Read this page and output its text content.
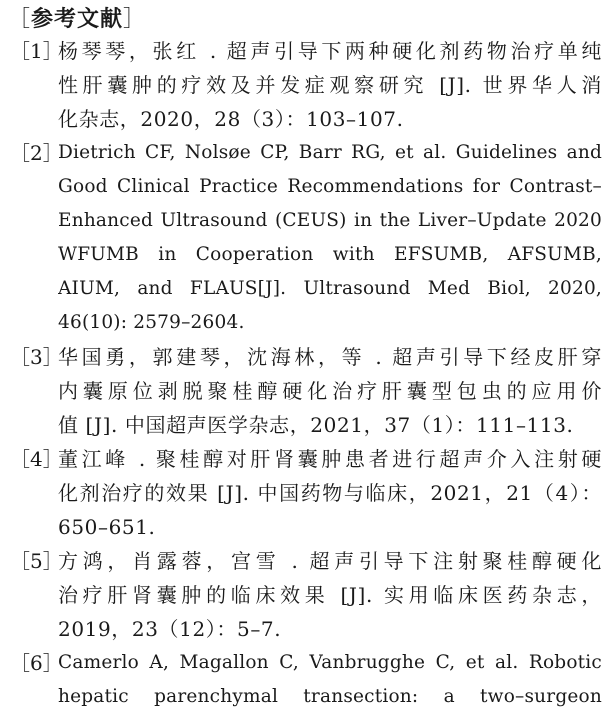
［参考文献］
［1］
杨琴琴，张红 . 超声引导下两种硬化剂药物治疗单纯
性肝囊肿的疗效及并发症观察研究 [J]. 世界华人消
化杂志，2020，28（3）：103–107.
［2］
Dietrich CF, Nolsøe CP, Barr RG, et al. Guidelines and
Good Clinical Practice Recommendations for Contrast–
Enhanced Ultrasound (CEUS) in the Liver–Update 2020
WFUMB in Cooperation with EFSUMB, AFSUMB,
AIUM, and FLAUS[J]. Ultrasound Med Biol, 2020,
46(10): 2579–2604.
［3］
华国勇，郭建琴，沈海林，等 . 超声引导下经皮肝穿
内囊原位剥脱聚桂醇硬化治疗肝囊型包虫的应用价
值 [J]. 中国超声医学杂志，2021，37（1）：111–113.
［4］
董江峰 . 聚桂醇对肝肾囊肿患者进行超声介入注射硬
化剂治疗的效果 [J]. 中国药物与临床，2021，21（4）：
650–651.
［5］
方鸿，肖露蓉，宫雪 . 超声引导下注射聚桂醇硬化
治疗肝肾囊肿的临床效果 [J]. 实用临床医药杂志，
2019，23（12）：5–7.
［6］
Camerlo A, Magallon C, Vanbrugghe C, et al. Robotic
hepatic parenchymal transection: a two–surgeon
